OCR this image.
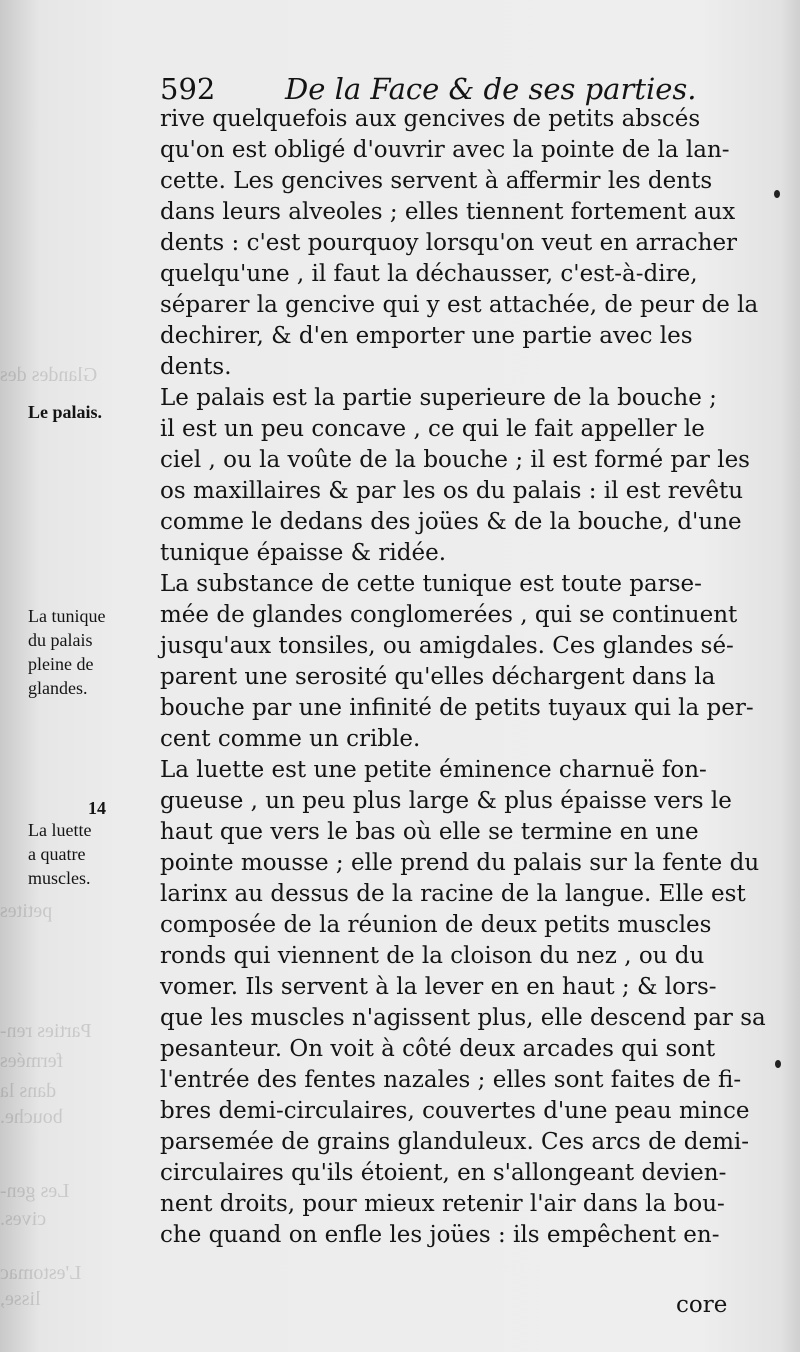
Glandes des
petites
Parties ren-
fermées
dans la
bouche.
Les gen-
cives.
L'estomac
lisse,
592 De la Face & de ses parties.
rive quelquefois aux gencives de petits abscés
qu'on est obligé d'ouvrir avec la pointe de la lan-
cette. Les gencives servent à affermir les dents
dans leurs alveoles ; elles tiennent fortement aux
dents : c'est pourquoy lorsqu'on veut en arracher
quelqu'une , il faut la déchausser, c'est-à-dire,
séparer la gencive qui y est attachée, de peur de la
dechirer, & d'en emporter une partie avec les
dents.
Le palais est la partie superieure de la bouche ;
il est un peu concave , ce qui le fait appeller le
ciel , ou la voûte de la bouche ; il est formé par les
os maxillaires & par les os du palais : il est revêtu
comme le dedans des joües & de la bouche, d'une
tunique épaisse & ridée.
La substance de cette tunique est toute parse-
mée de glandes conglomerées , qui se continuent
jusqu'aux tonsiles, ou amigdales. Ces glandes sé-
parent une serosité qu'elles déchargent dans la
bouche par une infinité de petits tuyaux qui la per-
cent comme un crible.
La luette est une petite éminence charnuë fon-
gueuse , un peu plus large & plus épaisse vers le
haut que vers le bas où elle se termine en une
pointe mousse ; elle prend du palais sur la fente du
larinx au dessus de la racine de la langue. Elle est
composée de la réunion de deux petits muscles
ronds qui viennent de la cloison du nez , ou du
vomer. Ils servent à la lever en en haut ; & lors-
que les muscles n'agissent plus, elle descend par sa
pesanteur. On voit à côté deux arcades qui sont
l'entrée des fentes nazales ; elles sont faites de fi-
bres demi-circulaires, couvertes d'une peau mince
parsemée de grains glanduleux. Ces arcs de demi-
circulaires qu'ils étoient, en s'allongeant devien-
nent droits, pour mieux retenir l'air dans la bou-
che quand on enfle les joües : ils empêchent en-
Le palais.
La tunique
du palais
pleine de
glandes.
14
La luette
a quatre
muscles.
core
